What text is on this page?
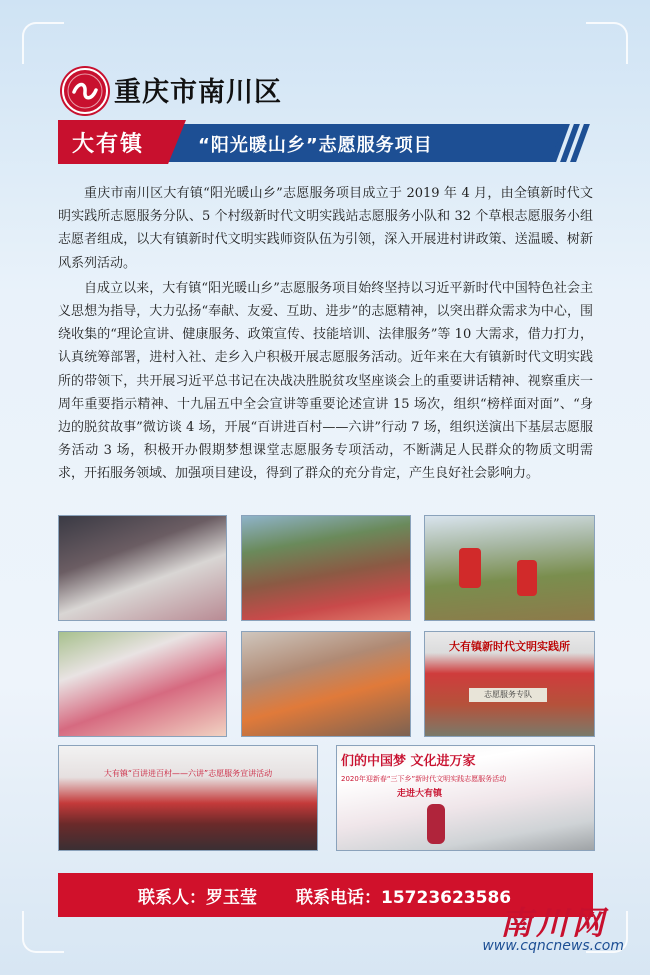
重庆市南川区
大有镇	“阳光暖山乡”志愿服务项目

重庆市南川区大有镇“阳光暖山乡”志愿服务项目成立于 2019 年 4 月，由全镇新时代文明实践所志愿服务分队、5 个村级新时代文明实践站志愿服务小队和 32 个草根志愿服务小组志愿者组成，以大有镇新时代文明实践师资队伍为引领，深入开展进村讲政策、送温暖、树新风系列活动。

自成立以来，大有镇“阳光暖山乡”志愿服务项目始终坚持以习近平新时代中国特色社会主义思想为指导，大力弘扬“奉献、友爱、互助、进步”的志愿精神，以突出群众需求为中心，围绕收集的“理论宣讲、健康服务、政策宣传、技能培训、法律服务”等 10 大需求，借力打力，认真统筹部署，进村入社、走乡入户积极开展志愿服务活动。近年来在大有镇新时代文明实践所的带领下，共开展习近平总书记在决战决胜脱贫攻坚座谈会上的重要讲话精神、视察重庆一周年重要指示精神、十九届五中全会宣讲等重要论述宣讲 15 场次，组织“榜样面对面”、“身边的脱贫故事”微访谈 4 场，开展“百讲进百村——六讲”行动 7 场，组织送演出下基层志愿服务活动 3 场，积极开办假期梦想课堂志愿服务专项活动，不断满足人民群众的物质文明需求，开拓服务领域、加强项目建设，得到了群众的充分肯定，产生良好社会影响力。

大有镇新时代文明实践所
志愿服务专队
大有镇“百讲进百村——六讲”志愿服务宣讲活动
们的中国梦 文化进万家
2020年迎新春“三下乡”新时代文明实践志愿服务活动
走进大有镇
联系人：罗玉莹 联系电话：15723623586
南川网
www.cqncnews.com
